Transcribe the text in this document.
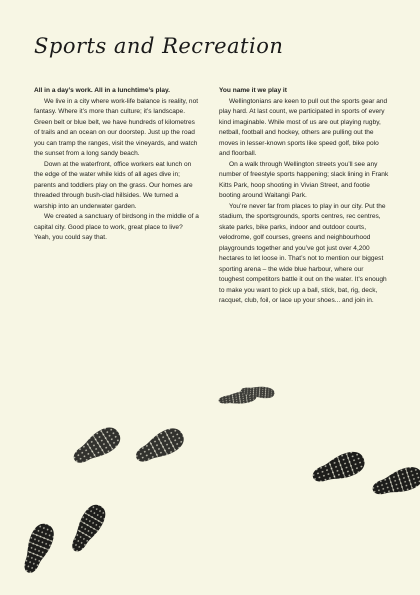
Sports and Recreation
All in a day’s work. All in a lunchtime’s play.

We live in a city where work-life balance is reality, not fantasy. Where it’s more than culture; it’s landscape. Green belt or blue belt, we have hundreds of kilometres of trails and an ocean on our doorstep. Just up the road you can tramp the ranges, visit the vineyards, and watch the sunset from a long sandy beach.

Down at the waterfront, office workers eat lunch on the edge of the water while kids of all ages dive in; parents and toddlers play on the grass. Our homes are threaded through bush-clad hillsides. We turned a warship into an underwater garden.

We created a sanctuary of birdsong in the middle of a capital city. Good place to work, great place to live? Yeah, you could say that.

You name it we play it

Wellingtonians are keen to pull out the sports gear and play hard. At last count, we participated in sports of every kind imaginable. While most of us are out playing rugby, netball, football and hockey, others are pulling out the moves in lesser-known sports like speed golf, bike polo and floorball.

On a walk through Wellington streets you’ll see any number of freestyle sports happening; slack lining in Frank Kitts Park, hoop shooting in Vivian Street, and footie booting around Waitangi Park.

You’re never far from places to play in our city. Put the stadium, the sportsgrounds, sports centres, rec centres, skate parks, bike parks, indoor and outdoor courts, velodrome, golf courses, greens and neighbourhood playgrounds together and you’ve got just over 4,200 hectares to let loose in. That’s not to mention our biggest sporting arena – the wide blue harbour, where our toughest competitors battle it out on the water. It’s enough to make you want to pick up a ball, stick, bat, rig, deck, racquet, club, foil, or lace up your shoes... and join in.
